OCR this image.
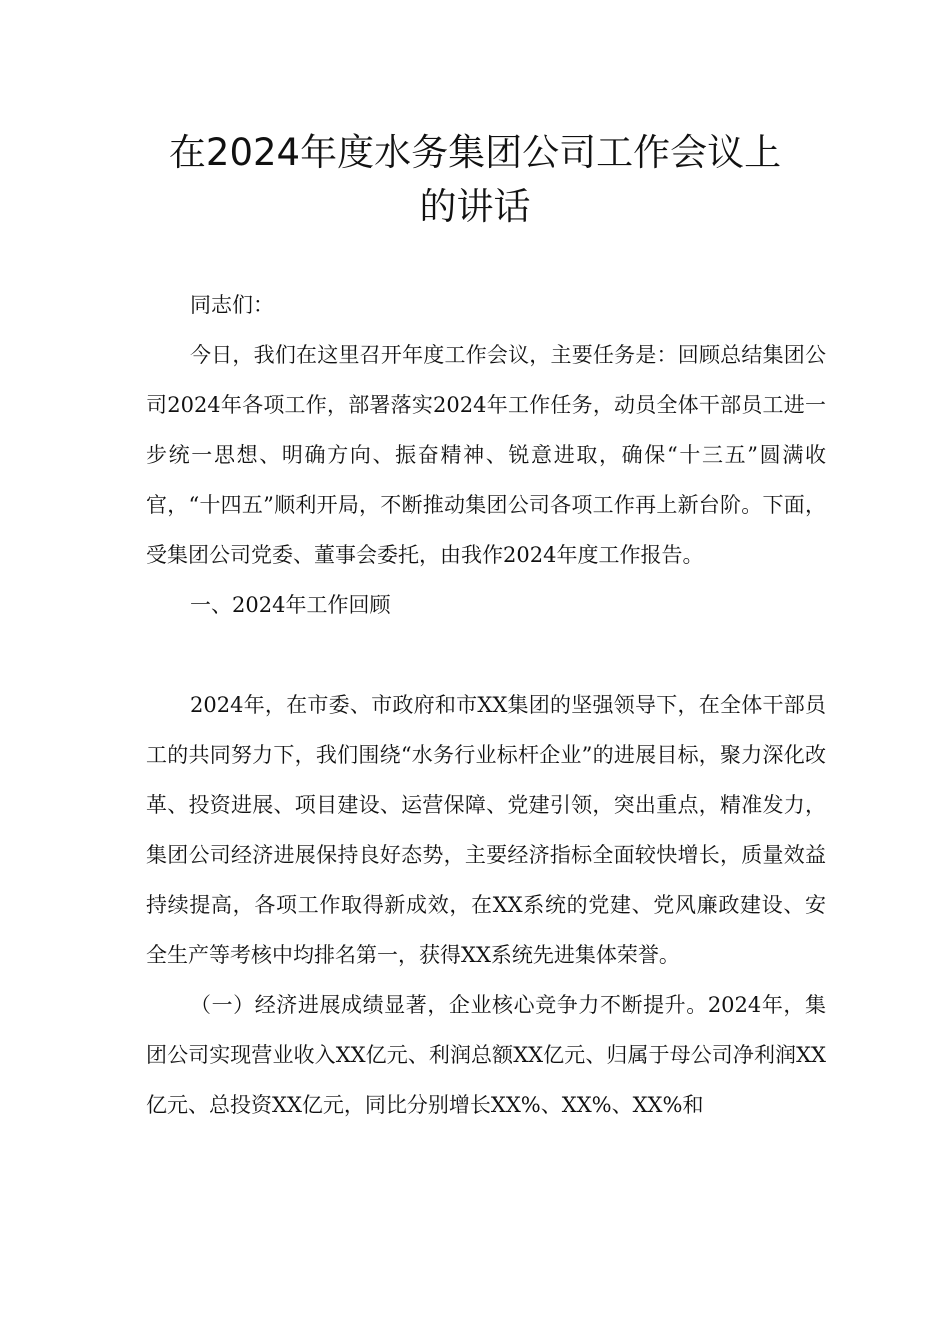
在2024年度水务集团公司工作会议上
的讲话

同志们：

今日，我们在这里召开年度工作会议，主要任务是：回顾总结集团公司2024年各项工作，部署落实2024年工作任务，动员全体干部员工进一步统一思想、明确方向、振奋精神、锐意进取，确保“十三五”圆满收官，“十四五”顺利开局，不断推动集团公司各项工作再上新台阶。下面，受集团公司党委、董事会委托，由我作2024年度工作报告。

一、2024年工作回顾

2024年，在市委、市政府和市XX集团的坚强领导下，在全体干部员工的共同努力下，我们围绕“水务行业标杆企业”的进展目标，聚力深化改革、投资进展、项目建设、运营保障、党建引领，突出重点，精准发力，集团公司经济进展保持良好态势，主要经济指标全面较快增长，质量效益持续提高，各项工作取得新成效，在XX系统的党建、党风廉政建设、安全生产等考核中均排名第一，获得XX系统先进集体荣誉。

（一）经济进展成绩显著，企业核心竞争力不断提升。2024年，集团公司实现营业收入XX亿元、利润总额XX亿元、归属于母公司净利润XX亿元、总投资XX亿元，同比分别增长XX%、XX%、XX%和
